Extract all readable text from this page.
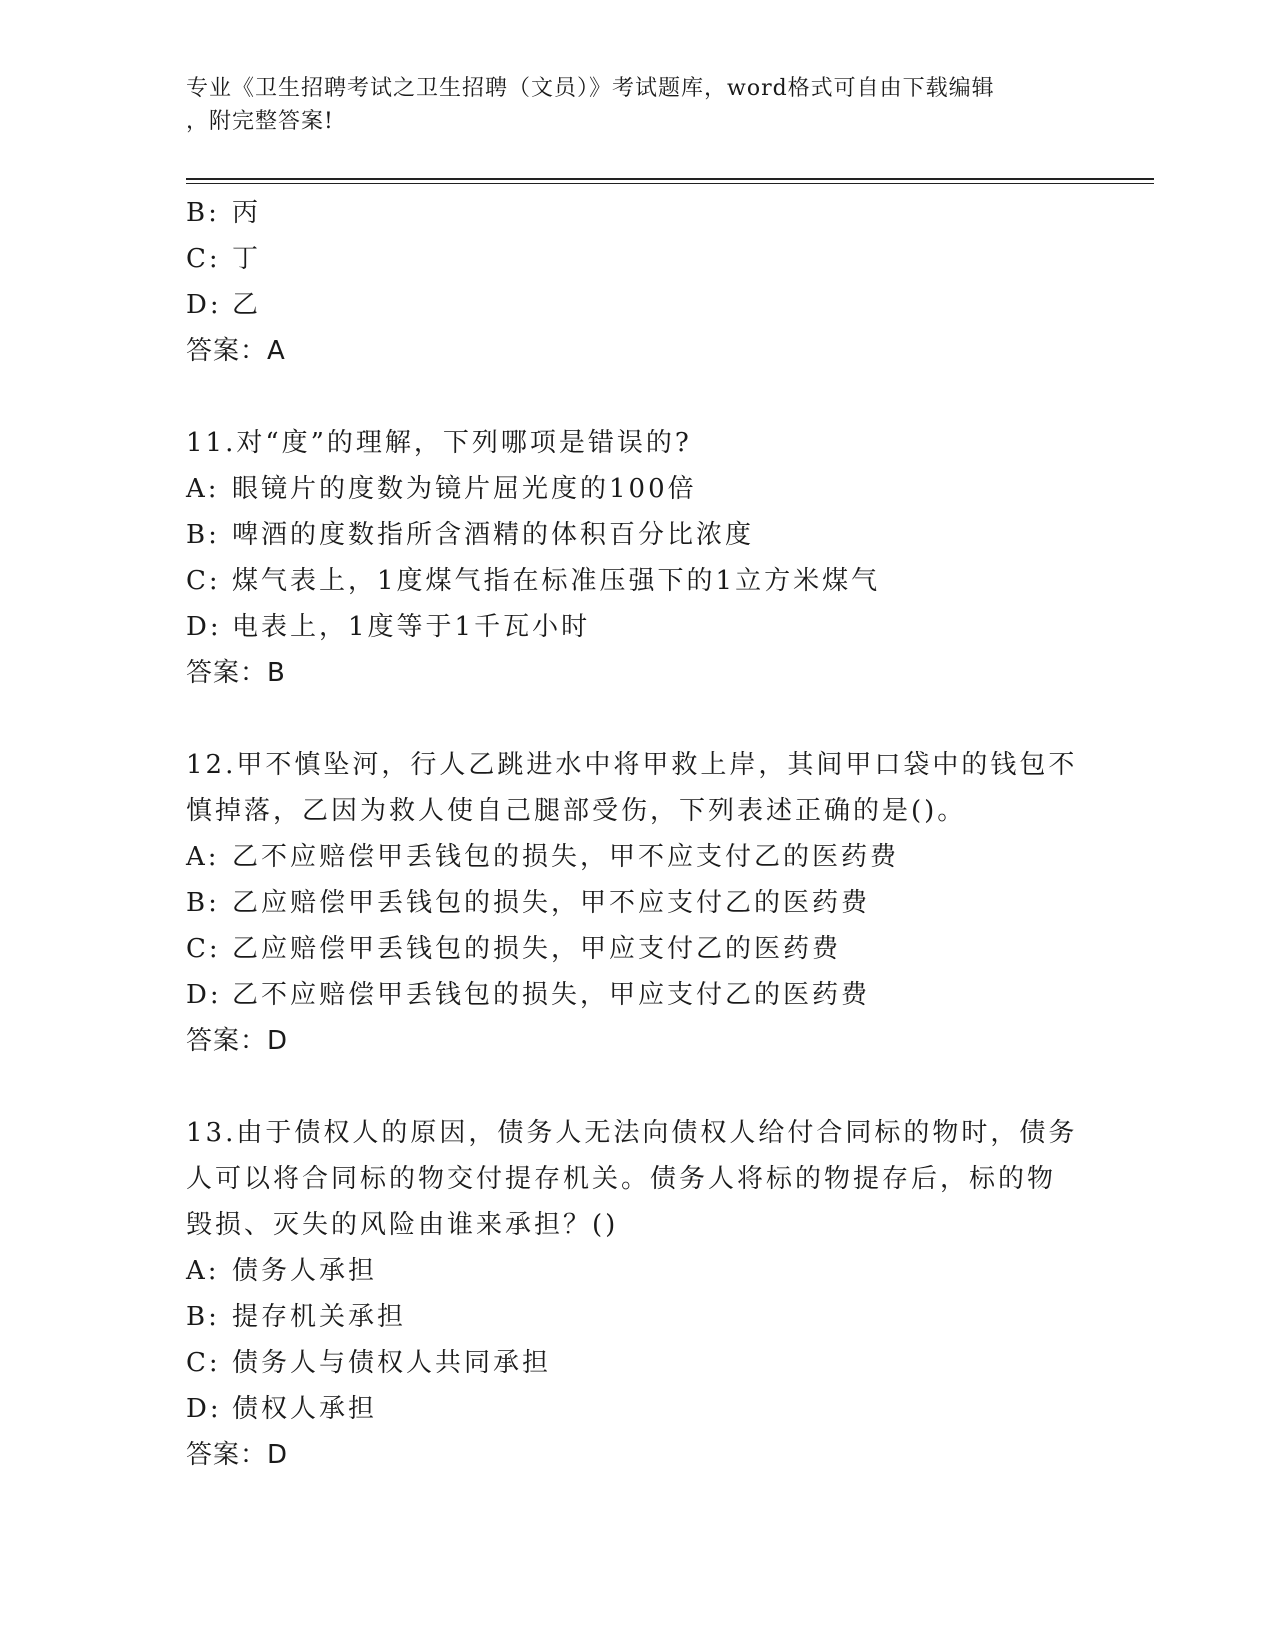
专业《卫生招聘考试之卫生招聘（文员）》考试题库，word格式可自由下载编辑
，附完整答案!
B: 丙
C: 丁
D: 乙
答案：A
11.对“度”的理解，下列哪项是错误的?
A: 眼镜片的度数为镜片屈光度的100倍
B: 啤酒的度数指所含酒精的体积百分比浓度
C: 煤气表上，1度煤气指在标准压强下的1立方米煤气
D: 电表上，1度等于1千瓦小时
答案：B
12.甲不慎坠河，行人乙跳进水中将甲救上岸，其间甲口袋中的钱包不
慎掉落，乙因为救人使自己腿部受伤，下列表述正确的是()。
A: 乙不应赔偿甲丢钱包的损失，甲不应支付乙的医药费
B: 乙应赔偿甲丢钱包的损失，甲不应支付乙的医药费
C: 乙应赔偿甲丢钱包的损失，甲应支付乙的医药费
D: 乙不应赔偿甲丢钱包的损失，甲应支付乙的医药费
答案：D
13.由于债权人的原因，债务人无法向债权人给付合同标的物时，债务
人可以将合同标的物交付提存机关。债务人将标的物提存后，标的物
毁损、灭失的风险由谁来承担？()
A: 债务人承担
B: 提存机关承担
C: 债务人与债权人共同承担
D: 债权人承担
答案：D
